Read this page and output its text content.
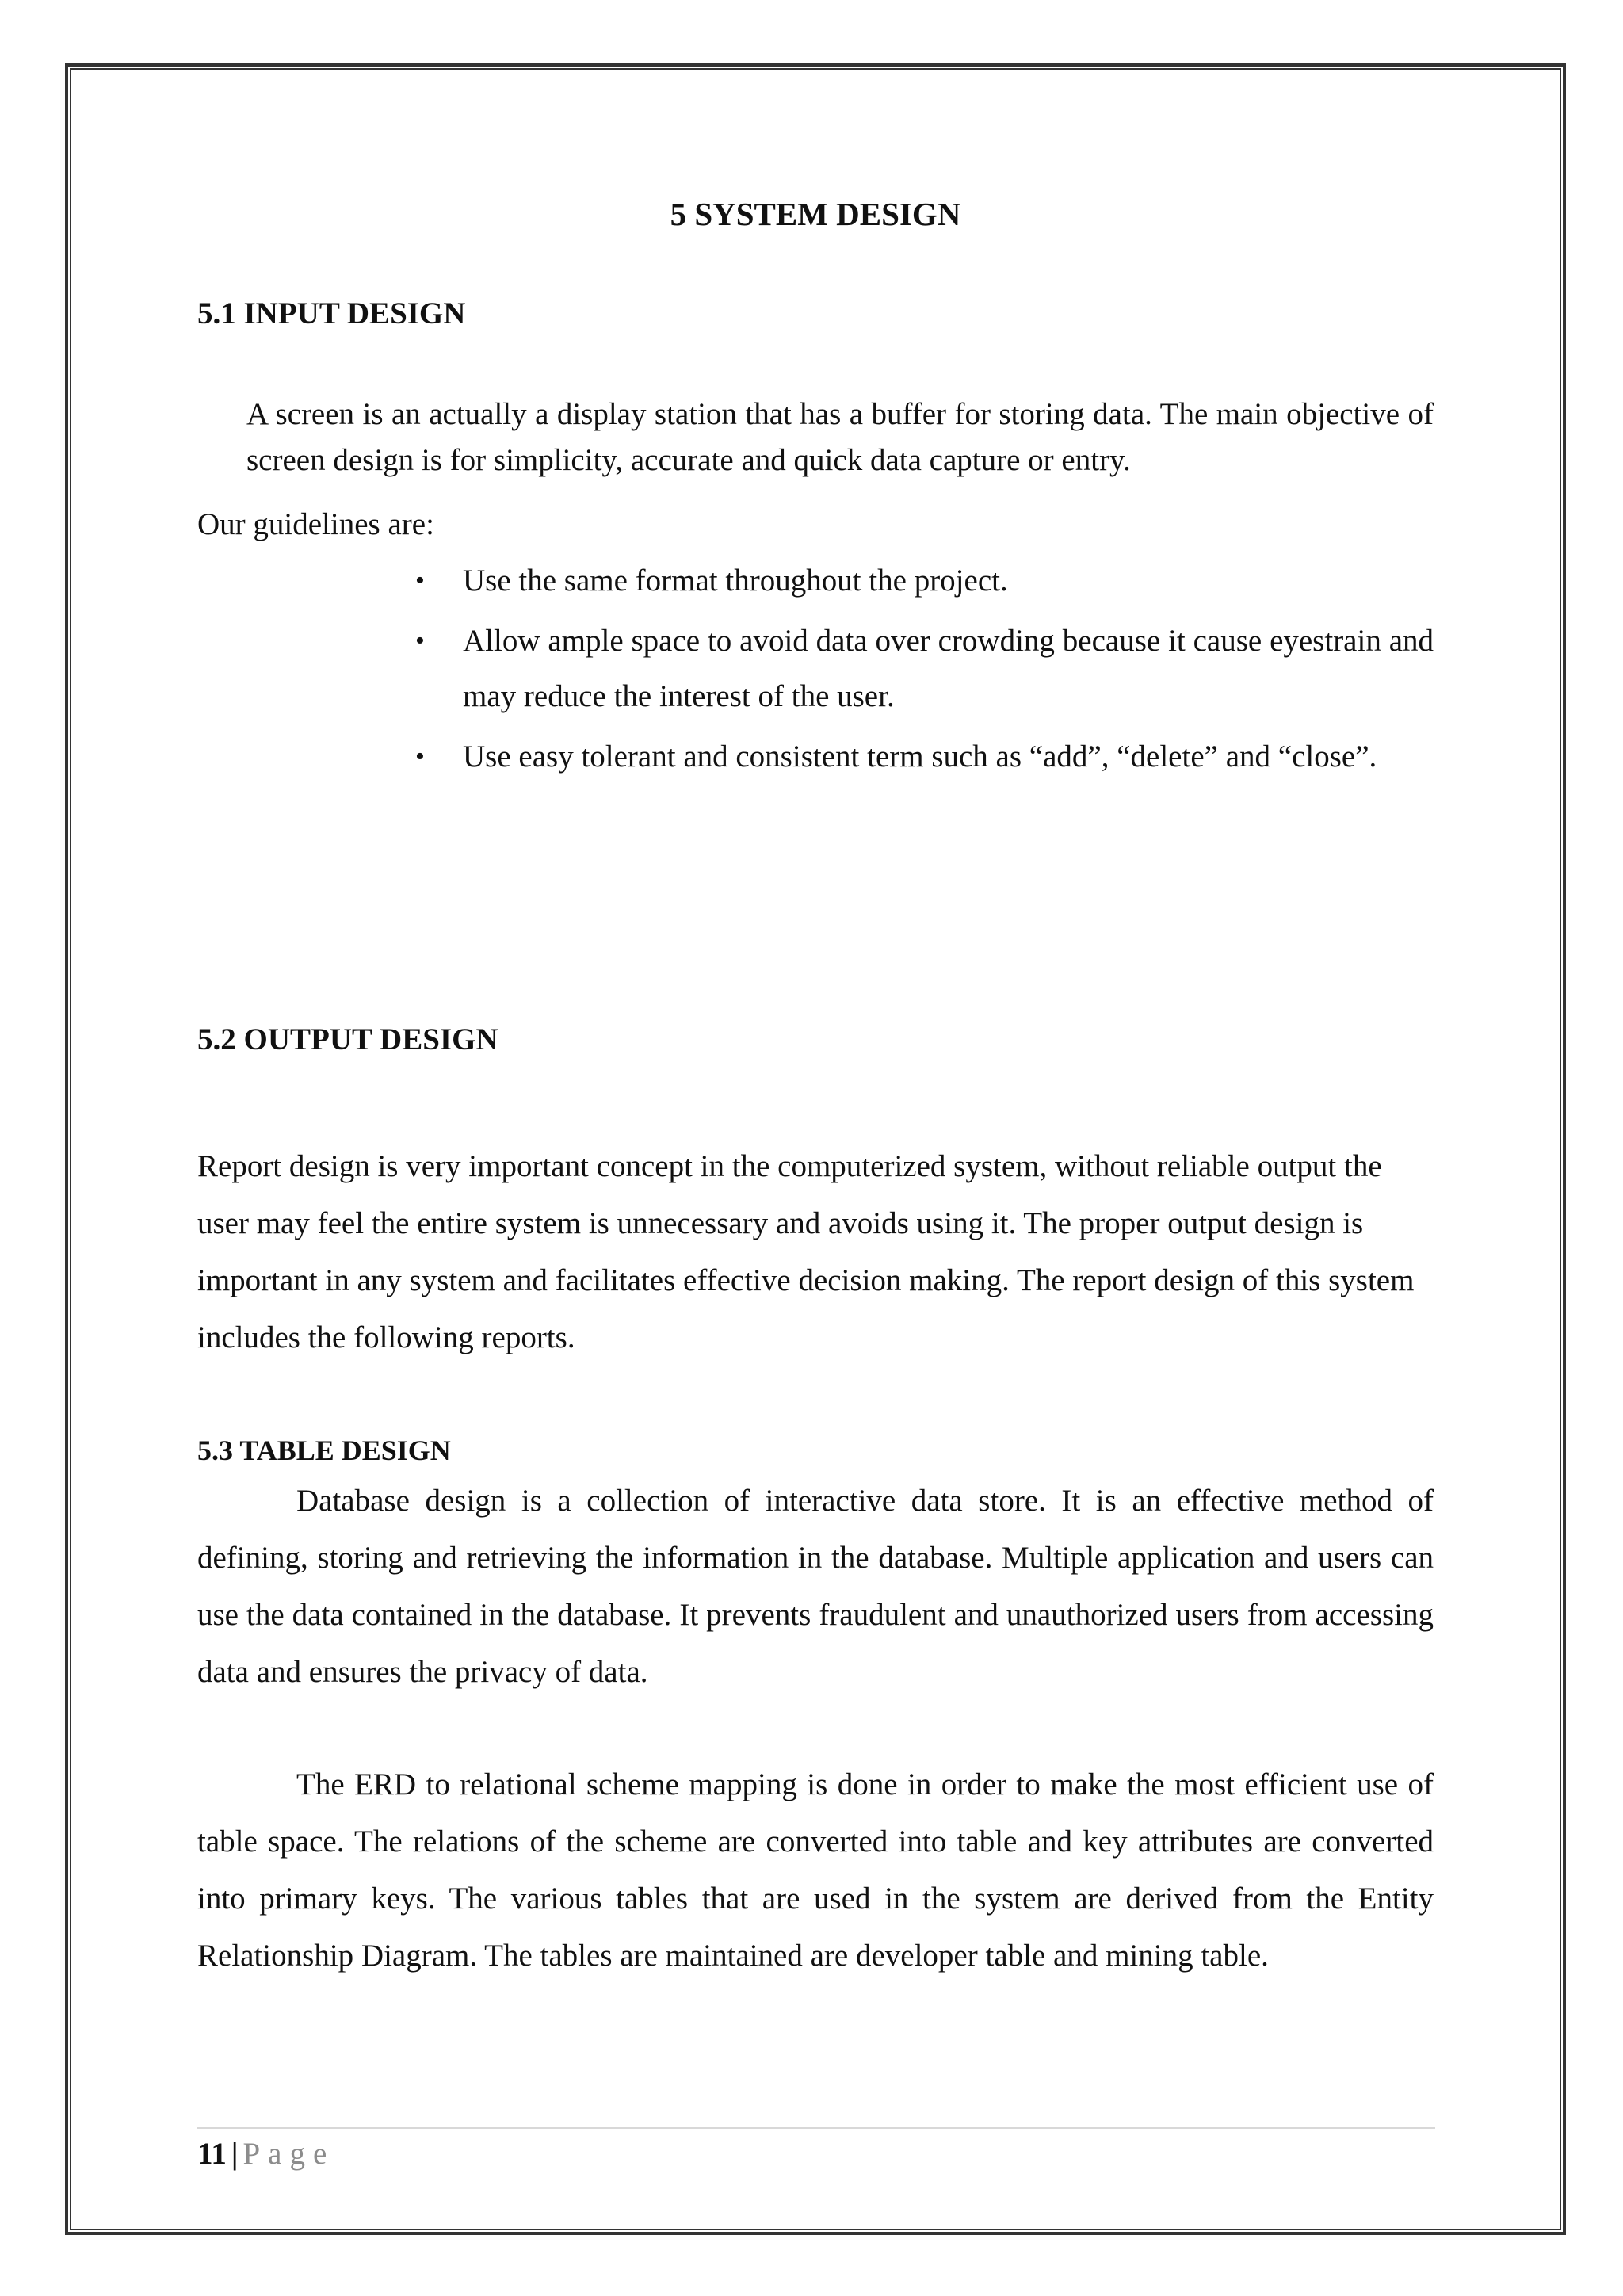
5 SYSTEM DESIGN
5.1 INPUT DESIGN

A screen is an actually a display station that has a buffer for storing data. The main objective of screen design is for simplicity, accurate and quick data capture or entry.

Our guidelines are:

•	Use the same format throughout the project.
•	Allow ample space to avoid data over crowding because it cause eyestrain and may reduce the interest of the user.
•	Use easy tolerant and consistent term such as “add”, “delete” and “close”.
5.2 OUTPUT DESIGN

Report design is very important concept in the computerized system, without reliable output the user may feel the entire system is unnecessary and avoids using it. The proper output design is important in any system and facilitates effective decision making. The report design of this system includes the following reports.

5.3 TABLE DESIGN

Database design is a collection of interactive data store. It is an effective method of defining, storing and retrieving the information in the database. Multiple application and users can use the data contained in the database. It prevents fraudulent and unauthorized users from accessing data and ensures the privacy of data.

The ERD to relational scheme mapping is done in order to make the most efficient use of table space. The relations of the scheme are converted into table and key attributes are converted into primary keys. The various tables that are used in the system are derived from the Entity Relationship Diagram. The tables are maintained are developer table and mining table.

11 | Page
